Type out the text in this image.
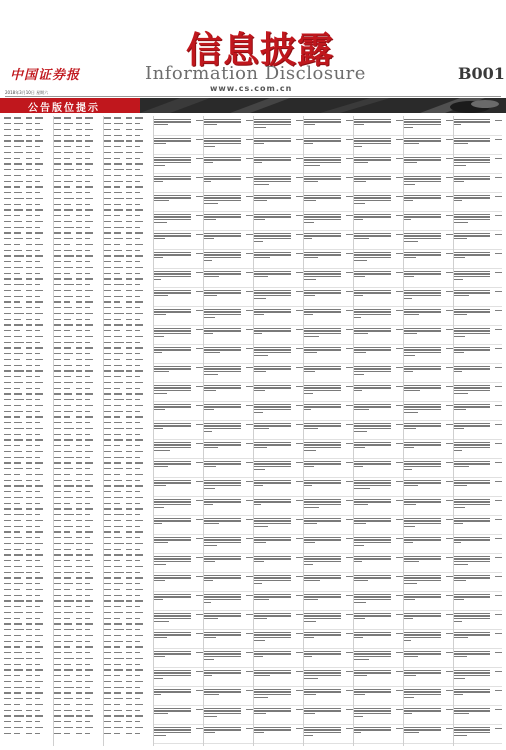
中国证券报
信息披露
Information Disclosure	B001
www.cs.com.cn
2018年3月10日 星期六
公告版位提示
